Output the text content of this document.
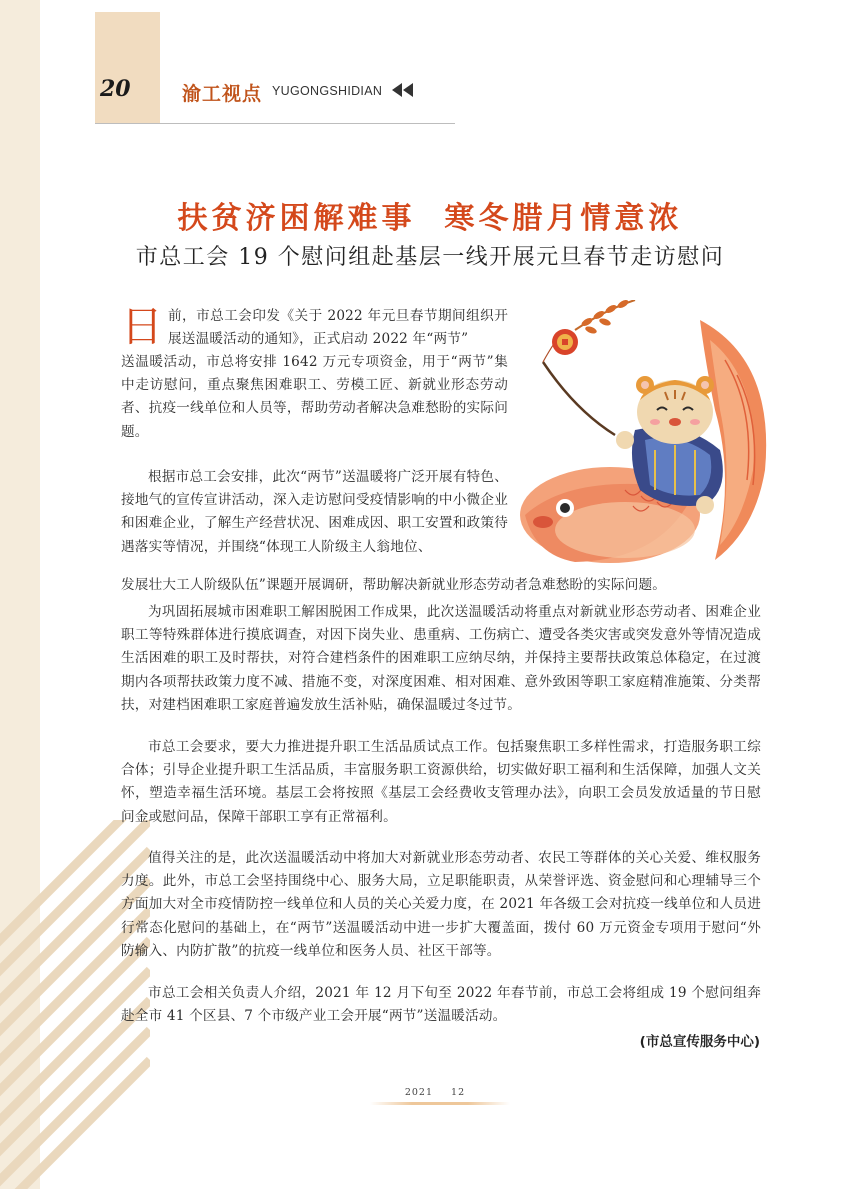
20	渝工视点 YUGONGSHIDIAN
扶贫济困解难事  寒冬腊月情意浓
市总工会 19 个慰问组赴基层一线开展元旦春节走访慰问
日 前，市总工会印发《关于 2022 年元旦春节期间组织开展送温暖活动的通知》，正式启动 2022 年“两节”

送温暖活动，市总将安排 1642 万元专项资金，用于“两节”集中走访慰问，重点聚焦困难职工、劳模工匠、新就业形态劳动者、抗疫一线单位和人员等，帮助劳动者解决急难愁盼的实际问题。

根据市总工会安排，此次“两节”送温暖将广泛开展有特色、接地气的宣传宣讲活动，深入走访慰问受疫情影响的中小微企业和困难企业，了解生产经营状况、困难成因、职工安置和政策待遇落实等情况，并围绕“体现工人阶级主人翁地位、

发展壮大工人阶级队伍”课题开展调研，帮助解决新就业形态劳动者急难愁盼的实际问题。

为巩固拓展城市困难职工解困脱困工作成果，此次送温暖活动将重点对新就业形态劳动者、困难企业职工等特殊群体进行摸底调查，对因下岗失业、患重病、工伤病亡、遭受各类灾害或突发意外等情况造成生活困难的职工及时帮扶，对符合建档条件的困难职工应纳尽纳，并保持主要帮扶政策总体稳定，在过渡期内各项帮扶政策力度不减、措施不变，对深度困难、相对困难、意外致困等职工家庭精准施策、分类帮扶，对建档困难职工家庭普遍发放生活补贴，确保温暖过冬过节。

市总工会要求，要大力推进提升职工生活品质试点工作。包括聚焦职工多样性需求，打造服务职工综合体；引导企业提升职工生活品质，丰富服务职工资源供给，切实做好职工福利和生活保障，加强人文关怀，塑造幸福生活环境。基层工会将按照《基层工会经费收支管理办法》，向职工会员发放适量的节日慰问金或慰问品，保障干部职工享有正常福利。

值得关注的是，此次送温暖活动中将加大对新就业形态劳动者、农民工等群体的关心关爱、维权服务力度。此外，市总工会坚持围绕中心、服务大局，立足职能职责，从荣誉评选、资金慰问和心理辅导三个方面加大对全市疫情防控一线单位和人员的关心关爱力度，在 2021 年各级工会对抗疫一线单位和人员进行常态化慰问的基础上，在“两节”送温暖活动中进一步扩大覆盖面，拨付 60 万元资金专项用于慰问“外防输入、内防扩散”的抗疫一线单位和医务人员、社区干部等。

市总工会相关负责人介绍，2021 年 12 月下旬至 2022 年春节前，市总工会将组成 19 个慰问组奔赴全市 41 个区县、7 个市级产业工会开展“两节”送温暖活动。

(市总宣传服务中心)
2021 12
